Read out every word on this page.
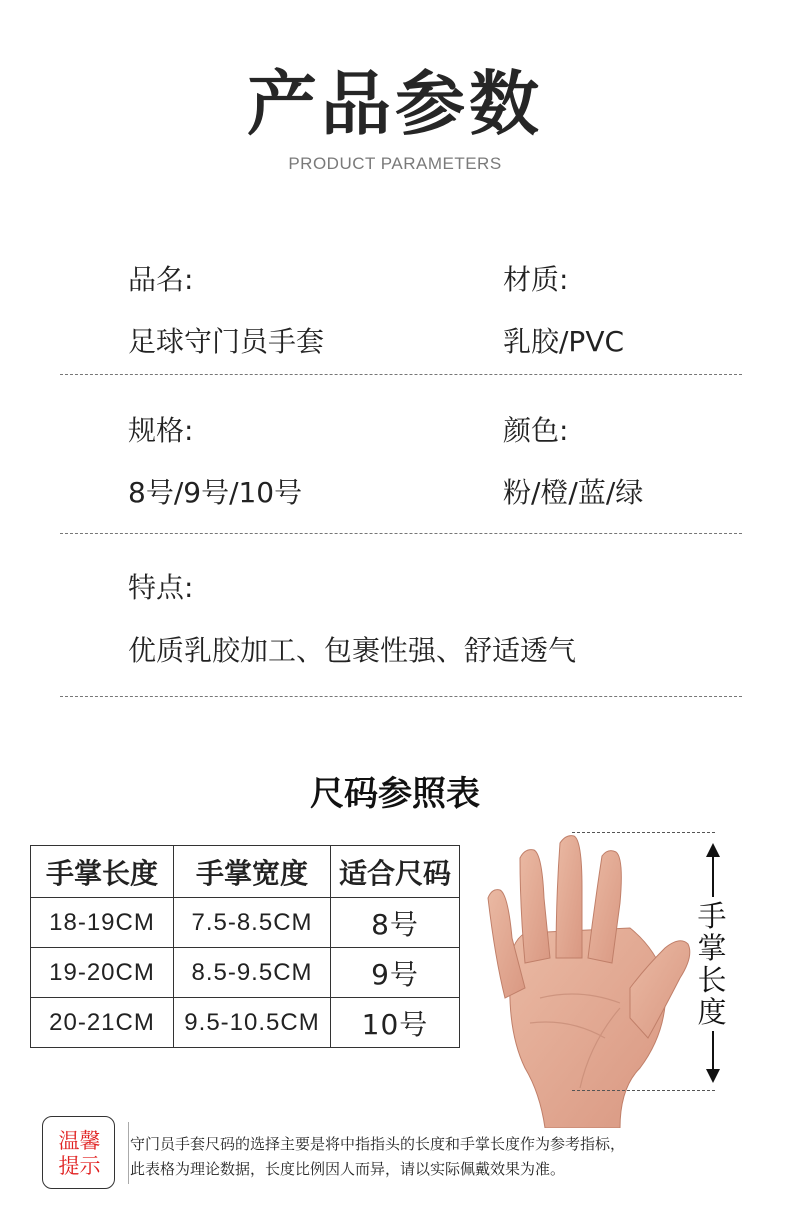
产品参数
PRODUCT PARAMETERS
品名:
足球守门员手套
材质:
乳胶/PVC
规格:
8号/9号/10号
颜色:
粉/橙/蓝/绿
特点:
优质乳胶加工、包裹性强、舒适透气
尺码参照表
手掌长度	手掌宽度	适合尺码
18-19CM	7.5-8.5CM	8号
19-20CM	8.5-9.5CM	9号
20-21CM	9.5-10.5CM	10号
手掌长度
温馨
提示
守门员手套尺码的选择主要是将中指指头的长度和手掌长度作为参考指标，
此表格为理论数据，长度比例因人而异，请以实际佩戴效果为准。
